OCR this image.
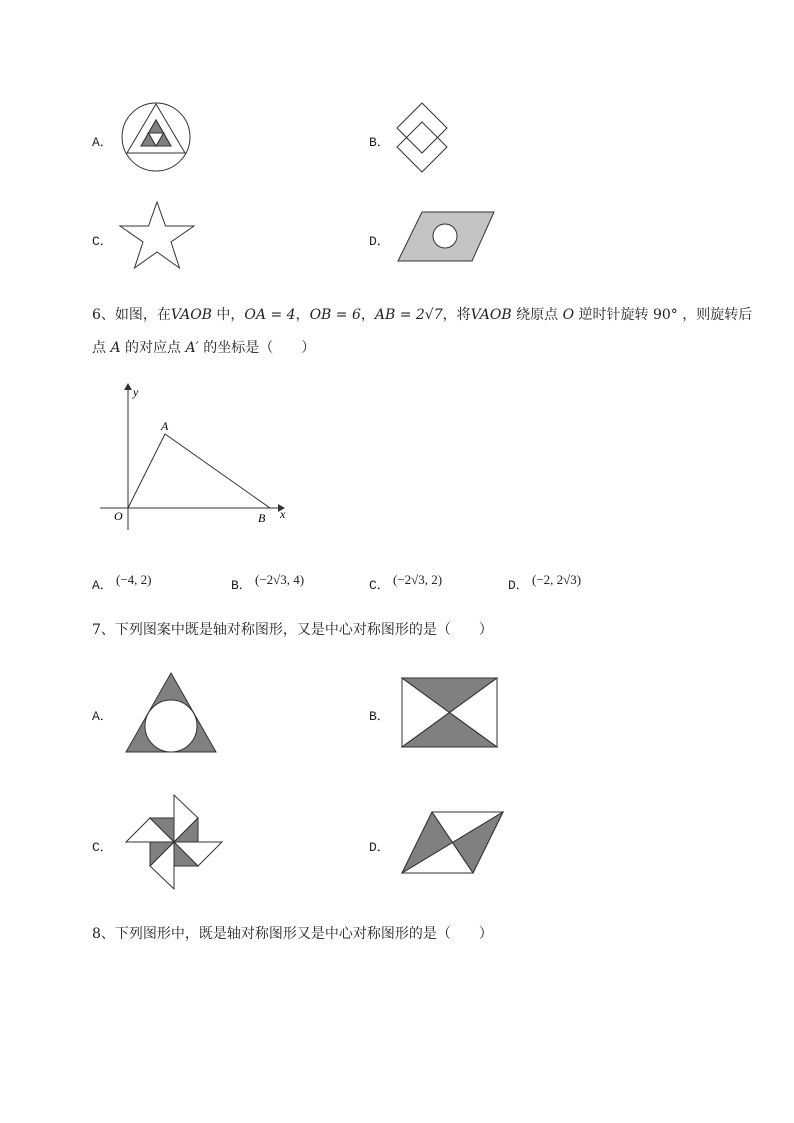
A．	B．
C．	D．
6、如图，在VAOB 中，OA = 4，OB = 6，AB = 2√7，将VAOB 绕原点 O 逆时针旋转 90° ，则旋转后
点 A 的对应点 A′ 的坐标是（　　）
y
A
O	B x
A． (−4, 2)	B． (−2√3, 4)	C． (−2√3, 2)	D． (−2, 2√3)
7、下列图案中既是轴对称图形，又是中心对称图形的是（　　）
A．	B．
C．	D．
8、下列图形中，既是轴对称图形又是中心对称图形的是（　　）
